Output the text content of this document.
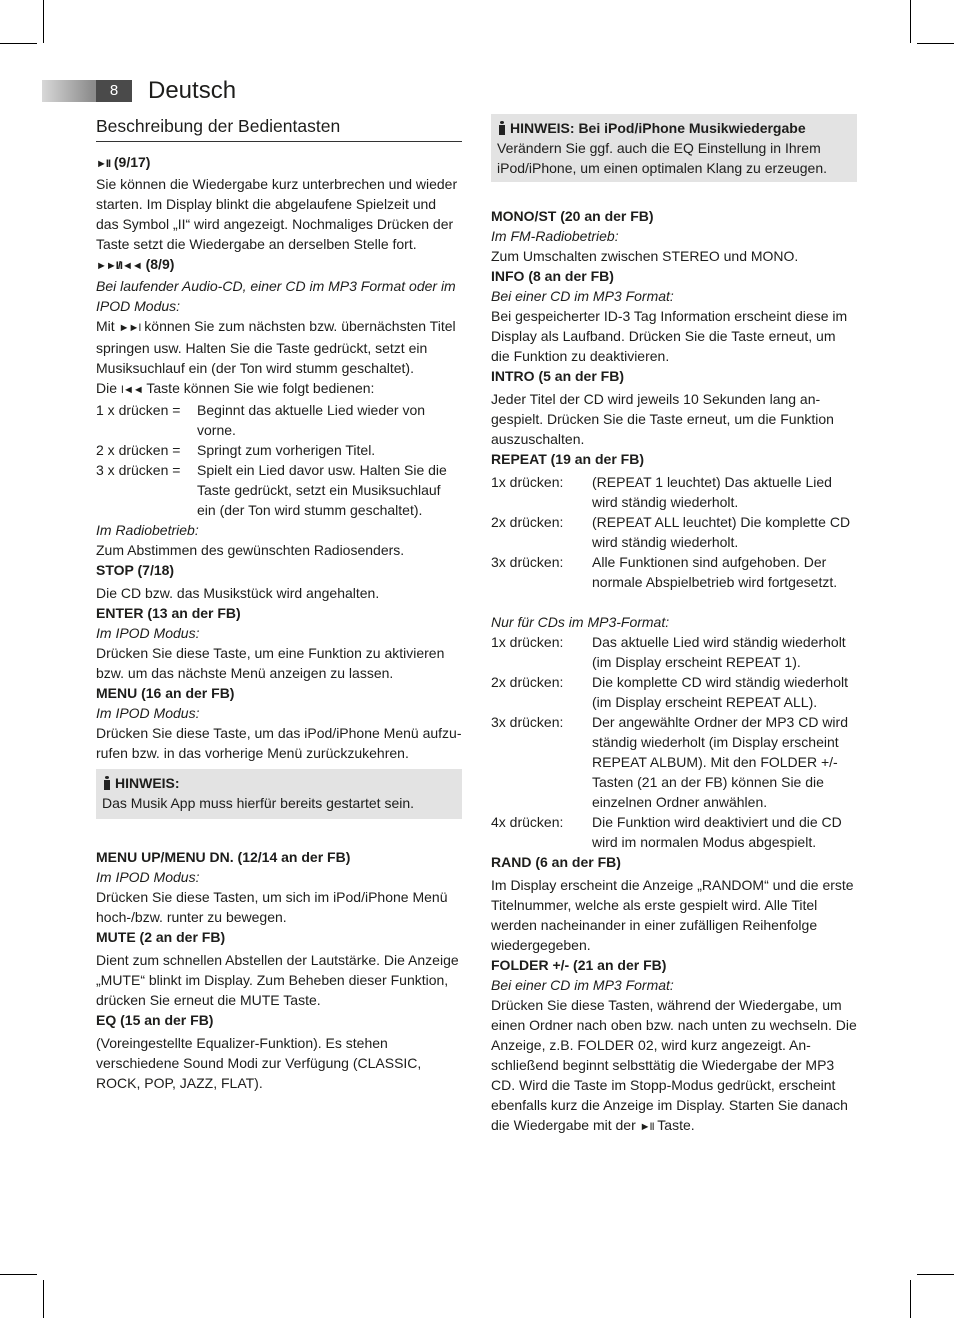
8	Deutsch
Beschreibung der Bedientasten

►II (9/17)

Sie können die Wiedergabe kurz unterbrechen und wieder starten. Im Display blinkt die abgelaufene Spielzeit und das Symbol „II“ wird angezeigt. Nochmaliges Drücken der Taste setzt die Wiedergabe an derselben Stelle fort.

►►I/I◄◄ (8/9)

Bei laufender Audio-CD, einer CD im MP3 Format oder im IPOD Modus:

Mit ►►I können Sie zum nächsten bzw. übernächsten Titel springen usw. Halten Sie die Taste gedrückt, setzt ein Musiksuchlauf ein (der Ton wird stumm geschaltet).

Die I◄◄ Taste können Sie wie folgt bedienen:

1 x drücken =	Beginnt das aktuelle Lied wieder von vorne.
2 x drücken =	Springt zum vorherigen Titel.
3 x drücken =	Spielt ein Lied davor usw. Halten Sie die Taste gedrückt, setzt ein Musiksuchlauf ein (der Ton wird stumm geschaltet).

Im Radiobetrieb:

Zum Abstimmen des gewünschten Radiosenders.

STOP (7/18)

Die CD bzw. das Musikstück wird angehalten.

ENTER (13 an der FB)

Im IPOD Modus:

Drücken Sie diese Taste, um eine Funktion zu aktivieren bzw. um das nächste Menü anzeigen zu lassen.

MENU (16 an der FB)

Im IPOD Modus:

Drücken Sie diese Taste, um das iPod/iPhone Menü aufzurufen bzw. in das vorherige Menü zurückzukehren.

HINWEIS:

Das Musik App muss hierfür bereits gestartet sein.

MENU UP/MENU DN. (12/14 an der FB)

Im IPOD Modus:

Drücken Sie diese Tasten, um sich im iPod/iPhone Menü hoch-/bzw. runter zu bewegen.

MUTE (2 an der FB)

Dient zum schnellen Abstellen der Lautstärke. Die Anzeige „MUTE“ blinkt im Display. Zum Beheben dieser Funktion, drücken Sie erneut die MUTE Taste.

EQ (15 an der FB)

(Voreingestellte Equalizer-Funktion). Es stehen verschiedene Sound Modi zur Verfügung (CLASSIC, ROCK, POP, JAZZ, FLAT).

HINWEIS: Bei iPod/iPhone Musikwiedergabe

Verändern Sie ggf. auch die EQ Einstellung in Ihrem iPod/iPhone, um einen optimalen Klang zu erzeugen.

MONO/ST (20 an der FB)

Im FM-Radiobetrieb:

Zum Umschalten zwischen STEREO und MONO.

INFO (8 an der FB)

Bei einer CD im MP3 Format:

Bei gespeicherter ID-3 Tag Information erscheint diese im Display als Laufband. Drücken Sie die Taste erneut, um die Funktion zu deaktivieren.

INTRO (5 an der FB)

Jeder Titel der CD wird jeweils 10 Sekunden lang angespielt. Drücken Sie die Taste erneut, um die Funktion auszuschalten.

REPEAT (19 an der FB)

1x drücken:	(REPEAT 1 leuchtet) Das aktuelle Lied wird ständig wiederholt.
2x drücken:	(REPEAT ALL leuchtet) Die komplette CD wird ständig wiederholt.
3x drücken:	Alle Funktionen sind aufgehoben. Der normale Abspielbetrieb wird fortgesetzt.

Nur für CDs im MP3-Format:

1x drücken:	Das aktuelle Lied wird ständig wiederholt (im Display erscheint REPEAT 1).
2x drücken:	Die komplette CD wird ständig wiederholt (im Display erscheint REPEAT ALL).
3x drücken:	Der angewählte Ordner der MP3 CD wird ständig wiederholt (im Display erscheint REPEAT ALBUM). Mit den FOLDER +/- Tasten (21 an der FB) können Sie die einzelnen Ordner anwählen.
4x drücken:	Die Funktion wird deaktiviert und die CD wird im normalen Modus abgespielt.

RAND (6 an der FB)

Im Display erscheint die Anzeige „RANDOM“ und die erste Titelnummer, welche als erste gespielt wird. Alle Titel werden nacheinander in einer zufälligen Reihenfolge wiedergegeben.

FOLDER +/- (21 an der FB)

Bei einer CD im MP3 Format:

Drücken Sie diese Tasten, während der Wiedergabe, um einen Ordner nach oben bzw. nach unten zu wechseln. Die Anzeige, z.B. FOLDER 02, wird kurz angezeigt. Anschließend beginnt selbsttätig die Wiedergabe der MP3 CD. Wird die Taste im Stopp-Modus gedrückt, erscheint ebenfalls kurz die Anzeige im Display. Starten Sie danach die Wiedergabe mit der ►II Taste.
